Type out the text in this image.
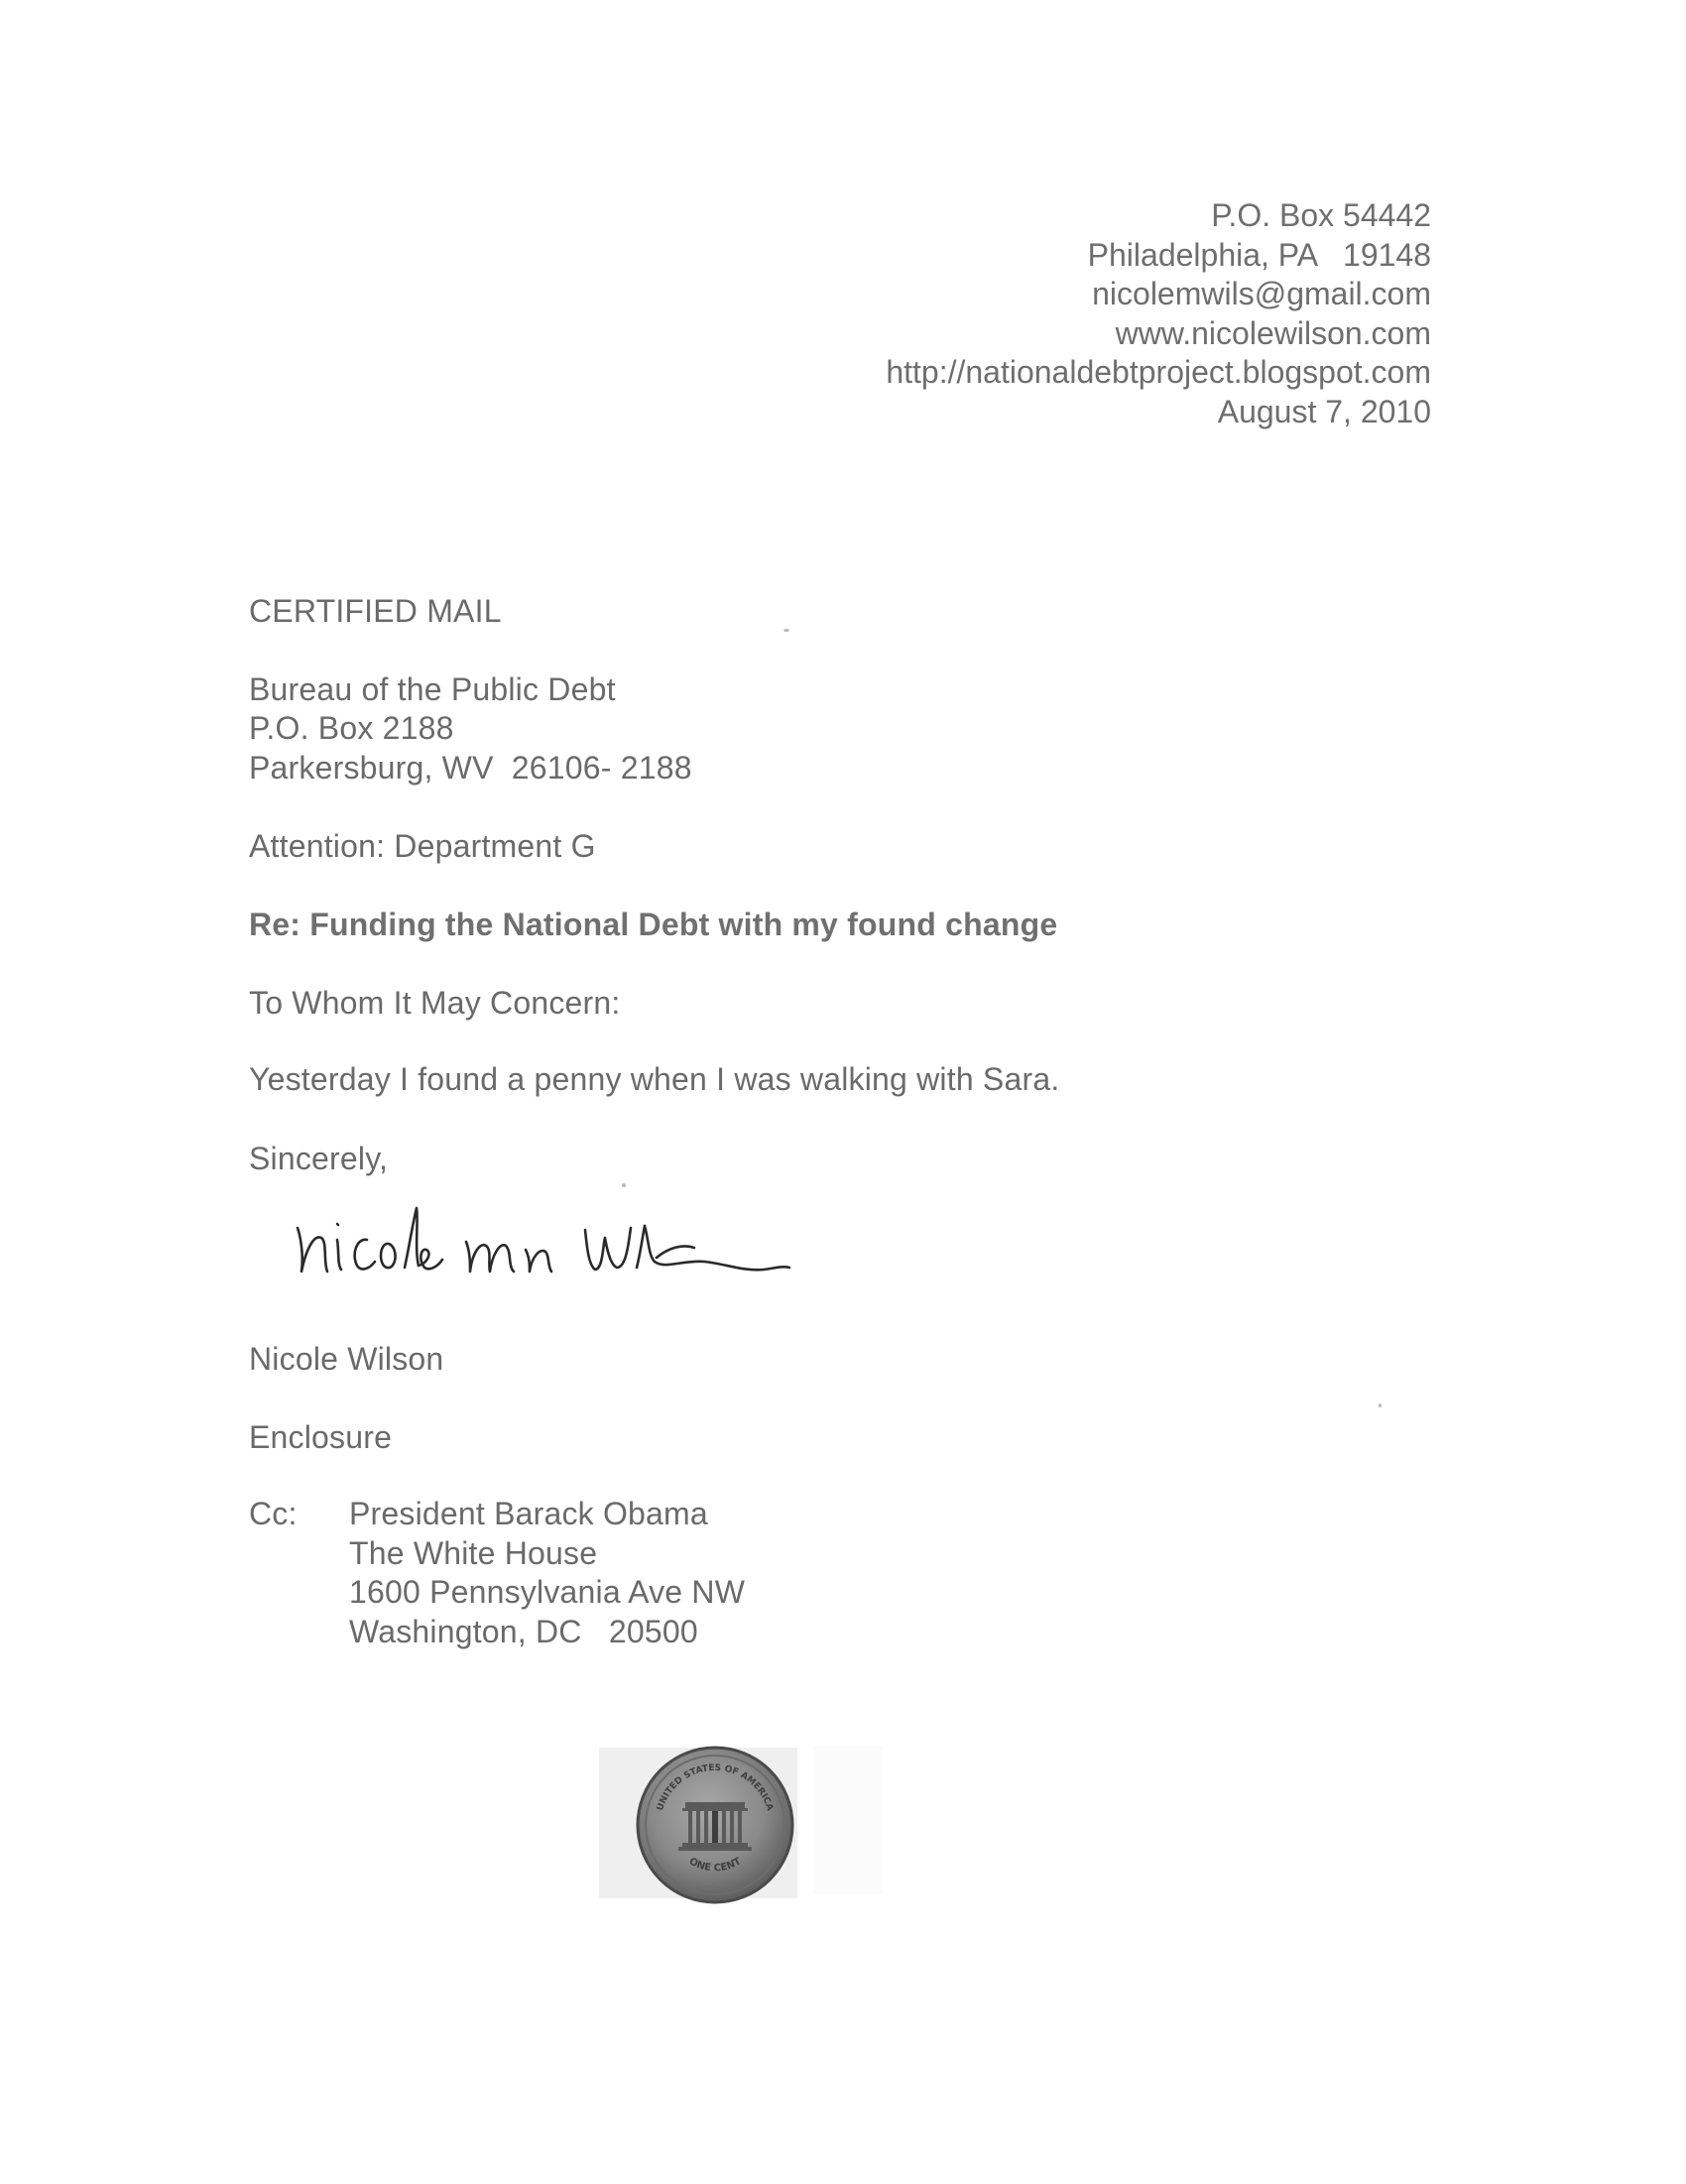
P.O. Box 54442
Philadelphia, PA   19148
nicolemwils@gmail.com
www.nicolewilson.com
http://nationaldebtproject.blogspot.com
August 7, 2010
CERTIFIED MAIL
Bureau of the Public Debt
P.O. Box 2188
Parkersburg, WV  26106- 2188
Attention: Department G
Re: Funding the National Debt with my found change
To Whom It May Concern:
Yesterday I found a penny when I was walking with Sara.
Sincerely,
Nicole Wilson
Enclosure
Cc: President Barack Obama
The White House
1600 Pennsylvania Ave NW
Washington, DC   20500
UNITED STATES OF AMERICA
ONE CENT
